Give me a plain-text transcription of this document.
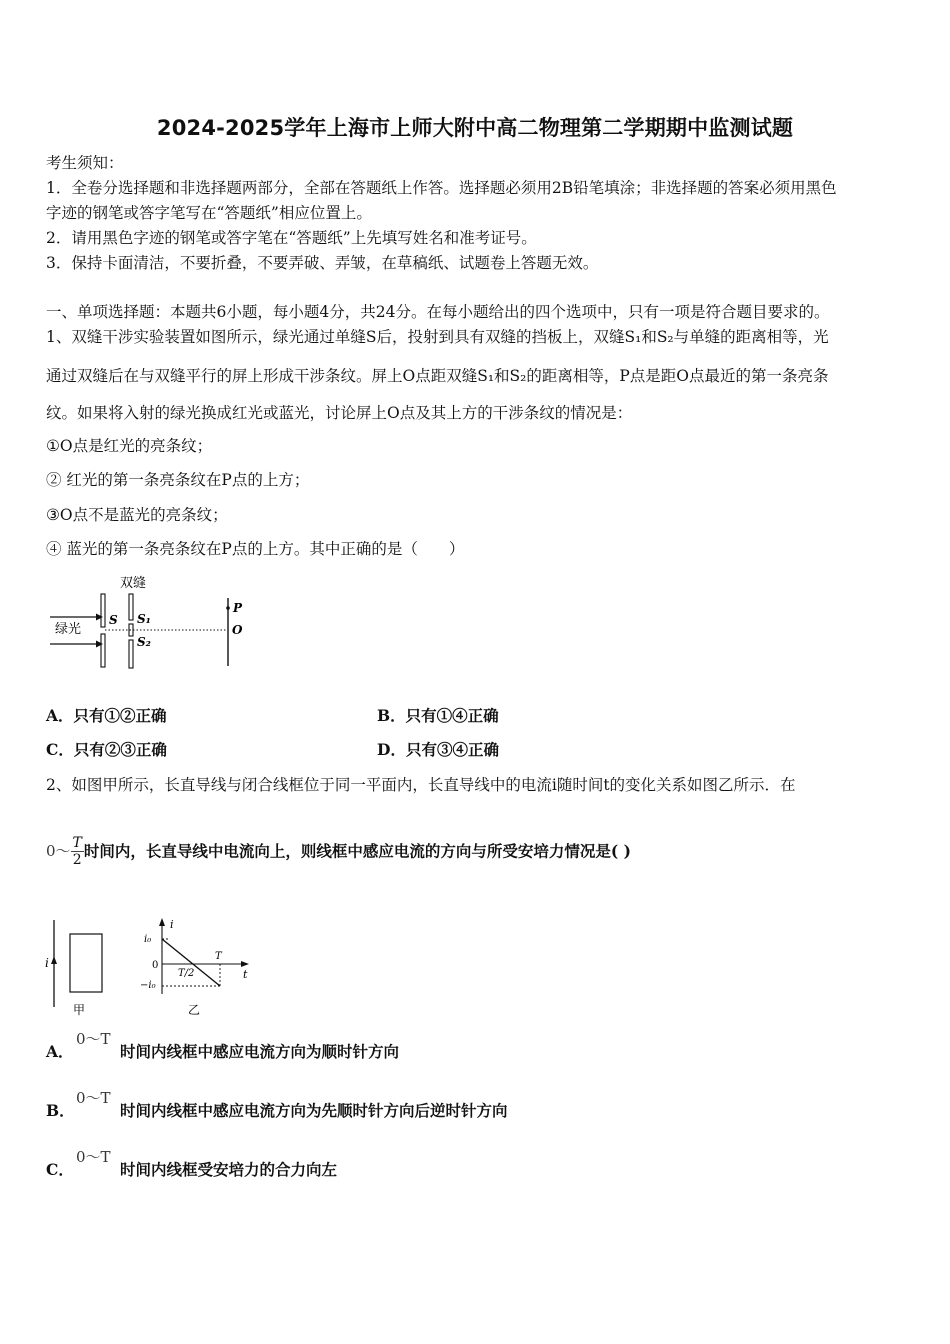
2024-2025学年上海市上师大附中高二物理第二学期期中监测试题
考生须知：
1．全卷分选择题和非选择题两部分，全部在答题纸上作答。选择题必须用2B铅笔填涂；非选择题的答案必须用黑色
字迹的钢笔或答字笔写在“答题纸”相应位置上。
2．请用黑色字迹的钢笔或答字笔在“答题纸”上先填写姓名和准考证号。
3．保持卡面清洁，不要折叠，不要弄破、弄皱，在草稿纸、试题卷上答题无效。
一、单项选择题：本题共6小题，每小题4分，共24分。在每小题给出的四个选项中，只有一项是符合题目要求的。
1、双缝干涉实验装置如图所示，绿光通过单缝S后，投射到具有双缝的挡板上，双缝S₁和S₂与单缝的距离相等，光
通过双缝后在与双缝平行的屏上形成干涉条纹。屏上O点距双缝S₁和S₂的距离相等，P点是距O点最近的第一条亮条
纹。如果将入射的绿光换成红光或蓝光，讨论屏上O点及其上方的干涉条纹的情况是：
①O点是红光的亮条纹；
② 红光的第一条亮条纹在P点的上方；
③O点不是蓝光的亮条纹；
④ 蓝光的第一条亮条纹在P点的上方。其中正确的是（　　）
双缝
绿光
S S₁
S₂
P
O
A．只有①②正确	B．只有①④正确
C．只有②③正确	D．只有③④正确
2、如图甲所示，长直导线与闭合线框位于同一平面内，长直导线中的电流i随时间t的变化关系如图乙所示．在
0～ $\frac{T}{2}$ 时间内，长直导线中电流向上，则线框中感应电流的方向与所受安培力情况是( )
i
甲
i
t
i₀
0
−i₀
T/2
T
乙
A．
0～T
时间内线框中感应电流方向为顺时针方向
B．
0～T
时间内线框中感应电流方向为先顺时针方向后逆时针方向
C．
0～T
时间内线框受安培力的合力向左
